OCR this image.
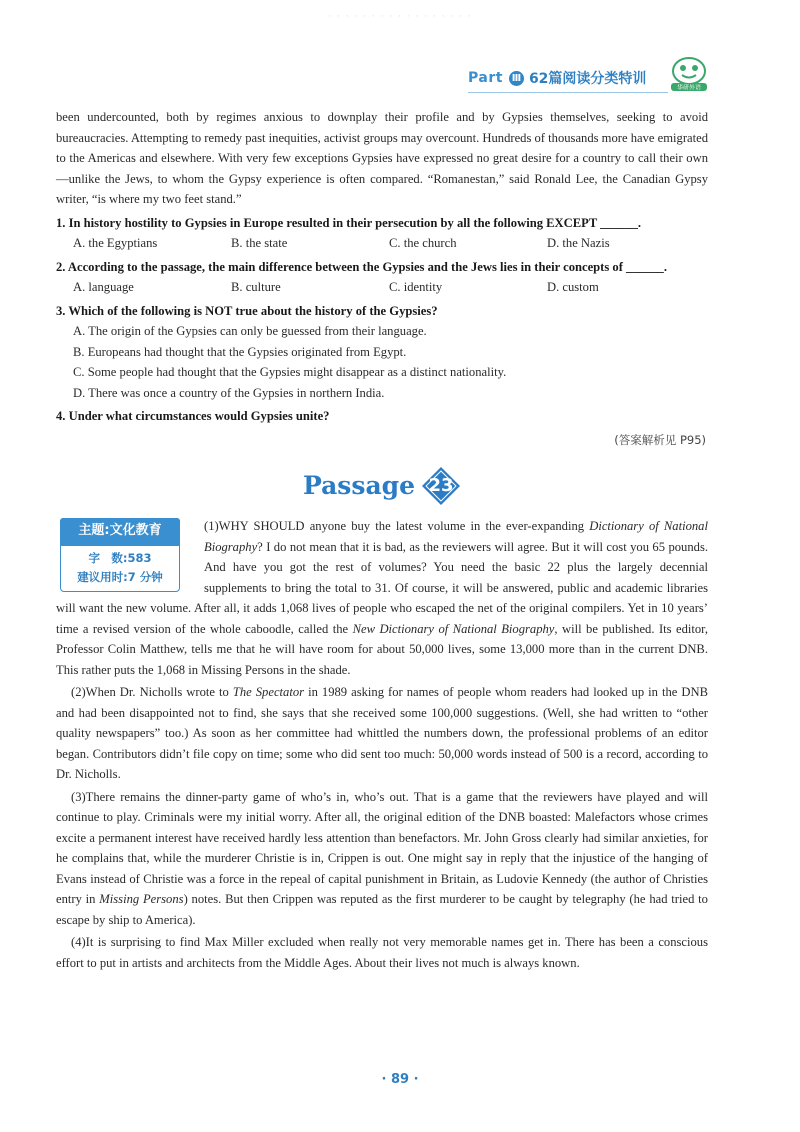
· · · · · · · · · · · · · · · · ·
Part Ⅲ 62篇阅读分类特训
华研外语

been undercounted, both by regimes anxious to downplay their profile and by Gypsies themselves, seeking to avoid bureaucracies. Attempting to remedy past inequities, activist groups may overcount. Hundreds of thousands more have emigrated to the Americas and elsewhere. With very few exceptions Gypsies have expressed no great desire for a country to call their own—unlike the Jews, to whom the Gypsy experience is often compared. “Romanestan,” said Ronald Lee, the Canadian Gypsy writer, “is where my two feet stand.”

1. In history hostility to Gypsies in Europe resulted in their persecution by all the following EXCEPT ______.

A. the Egyptians	B. the state	C. the church	D. the Nazis

2. According to the passage, the main difference between the Gypsies and the Jews lies in their concepts of ______.

A. language	B. culture	C. identity	D. custom

3. Which of the following is NOT true about the history of the Gypsies?

A. The origin of the Gypsies can only be guessed from their language.

B. Europeans had thought that the Gypsies originated from Egypt.

C. Some people had thought that the Gypsies might disappear as a distinct nationality.

D. There was once a country of the Gypsies in northern India.

4. Under what circumstances would Gypsies unite?

(答案解析见 P95)

Passage 23
主题:文化教育
字　数:583
建议用时:7 分钟

(1)WHY SHOULD anyone buy the latest volume in the ever-expanding Dictionary of National Biography? I do not mean that it is bad, as the reviewers will agree. But it will cost you 65 pounds. And have you got the rest of volumes? You need the basic 22 plus the largely decennial supplements to bring the total to 31. Of course, it will be answered, public and academic libraries will want the new volume. After all, it adds 1,068 lives of people who escaped the net of the original compilers. Yet in 10 years’ time a revised version of the whole caboodle, called the New Dictionary of National Biography, will be published. Its editor, Professor Colin Matthew, tells me that he will have room for about 50,000 lives, some 13,000 more than in the current DNB. This rather puts the 1,068 in Missing Persons in the shade.

(2)When Dr. Nicholls wrote to The Spectator in 1989 asking for names of people whom readers had looked up in the DNB and had been disappointed not to find, she says that she received some 100,000 suggestions. (Well, she had written to “other quality newspapers” too.) As soon as her committee had whittled the numbers down, the professional problems of an editor began. Contributors didn’t file copy on time; some who did sent too much: 50,000 words instead of 500 is a record, according to Dr. Nicholls.

(3)There remains the dinner-party game of who’s in, who’s out. That is a game that the reviewers have played and will continue to play. Criminals were my initial worry. After all, the original edition of the DNB boasted: Malefactors whose crimes excite a permanent interest have received hardly less attention than benefactors. Mr. John Gross clearly had similar anxieties, for he complains that, while the murderer Christie is in, Crippen is out. One might say in reply that the injustice of the hanging of Evans instead of Christie was a force in the repeal of capital punishment in Britain, as Ludovie Kennedy (the author of Christies entry in Missing Persons) notes. But then Crippen was reputed as the first murderer to be caught by telegraphy (he had tried to escape by ship to America).

(4)It is surprising to find Max Miller excluded when really not very memorable names get in. There has been a conscious effort to put in artists and architects from the Middle Ages. About their lives not much is always known.

· 89 ·
